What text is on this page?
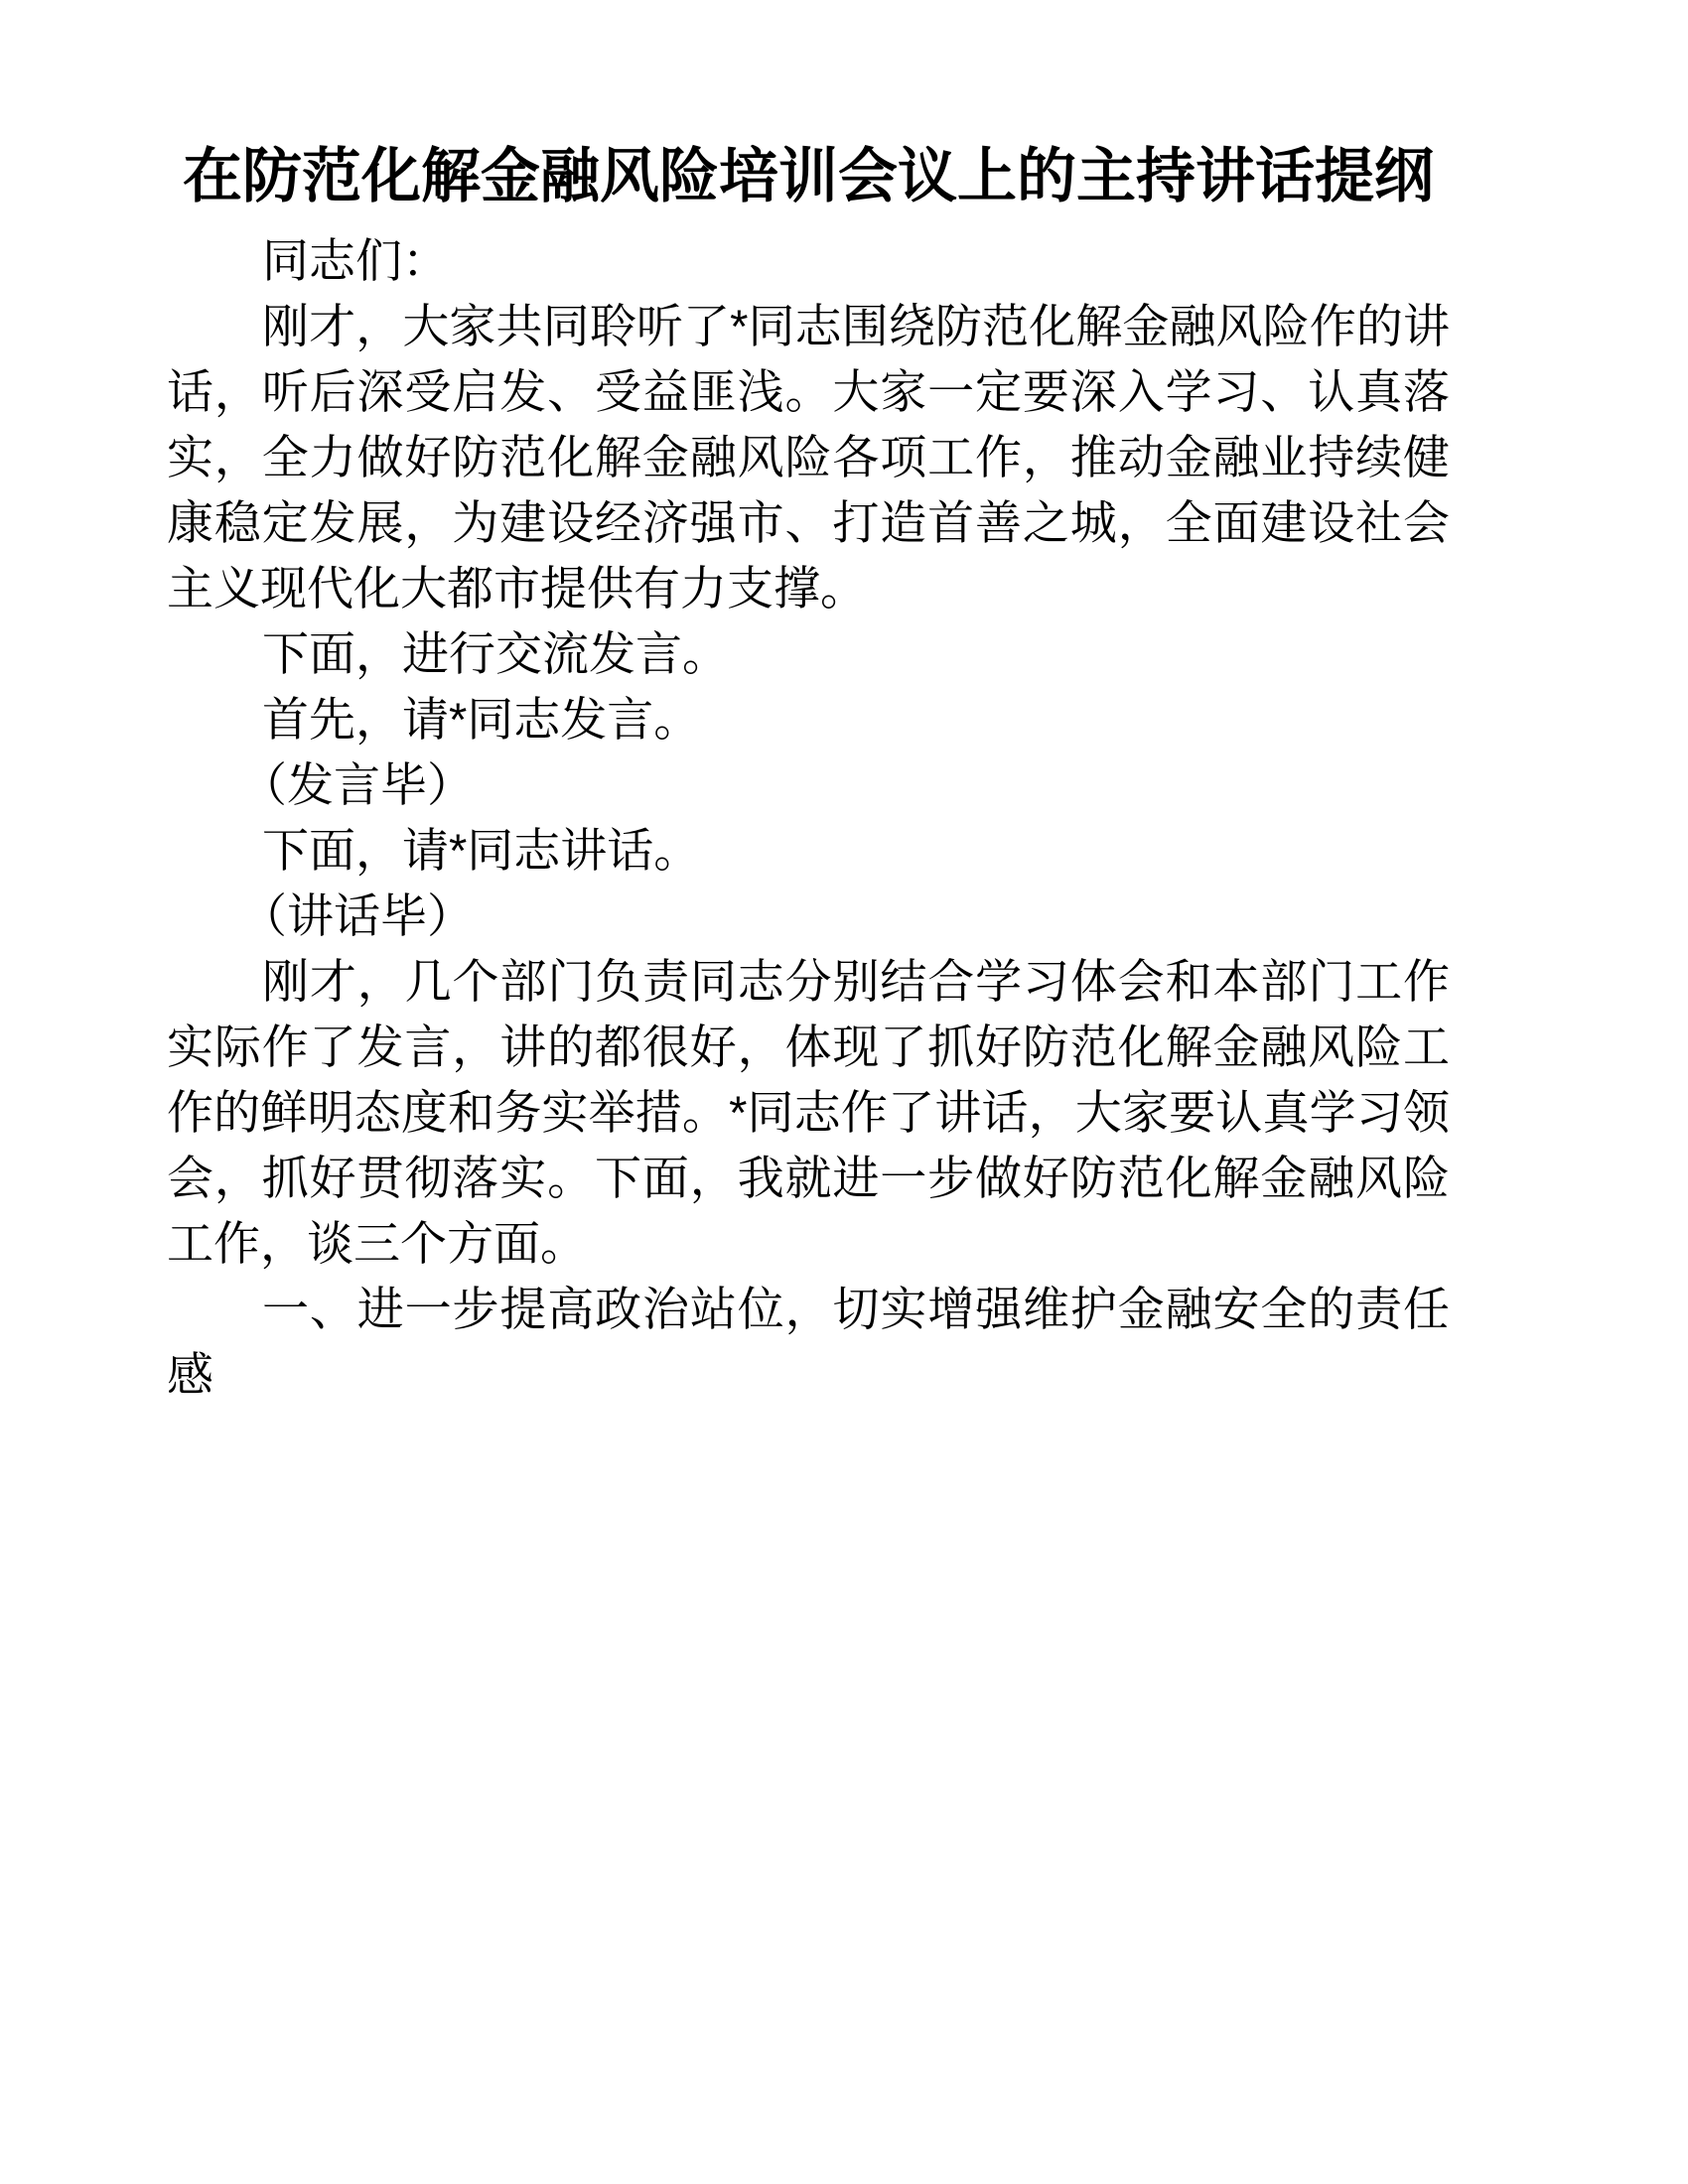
在防范化解金融风险培训会议上的主持讲话提纲

同志们：

刚才，大家共同聆听了*同志围绕防范化解金融风险作的讲话，听后深受启发、受益匪浅。大家一定要深入学习、认真落实，全力做好防范化解金融风险各项工作，推动金融业持续健康稳定发展，为建设经济强市、打造首善之城，全面建设社会主义现代化大都市提供有力支撑。

下面，进行交流发言。

首先，请*同志发言。

（发言毕）

下面，请*同志讲话。

（讲话毕）

刚才，几个部门负责同志分别结合学习体会和本部门工作实际作了发言，讲的都很好，体现了抓好防范化解金融风险工作的鲜明态度和务实举措。*同志作了讲话，大家要认真学习领会，抓好贯彻落实。下面，我就进一步做好防范化解金融风险工作，谈三个方面。

一、进一步提高政治站位，切实增强维护金融安全的责任感
